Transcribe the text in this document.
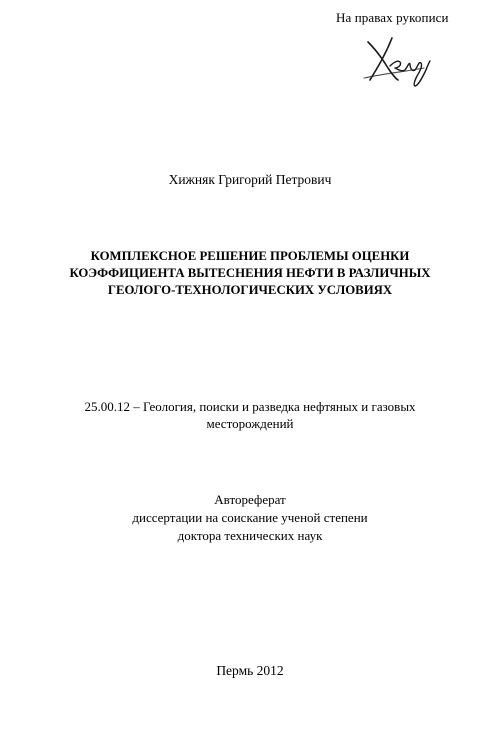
На правах рукописи
Хижняк Григорий Петрович
КОМПЛЕКСНОЕ РЕШЕНИЕ ПРОБЛЕМЫ ОЦЕНКИ
КОЭФФИЦИЕНТА ВЫТЕСНЕНИЯ НЕФТИ В РАЗЛИЧНЫХ
ГЕОЛОГО-ТЕХНОЛОГИЧЕСКИХ УСЛОВИЯХ
25.00.12 – Геология, поиски и разведка нефтяных и газовых
месторождений
Автореферат
диссертации на соискание ученой степени
доктора технических наук
Пермь 2012
